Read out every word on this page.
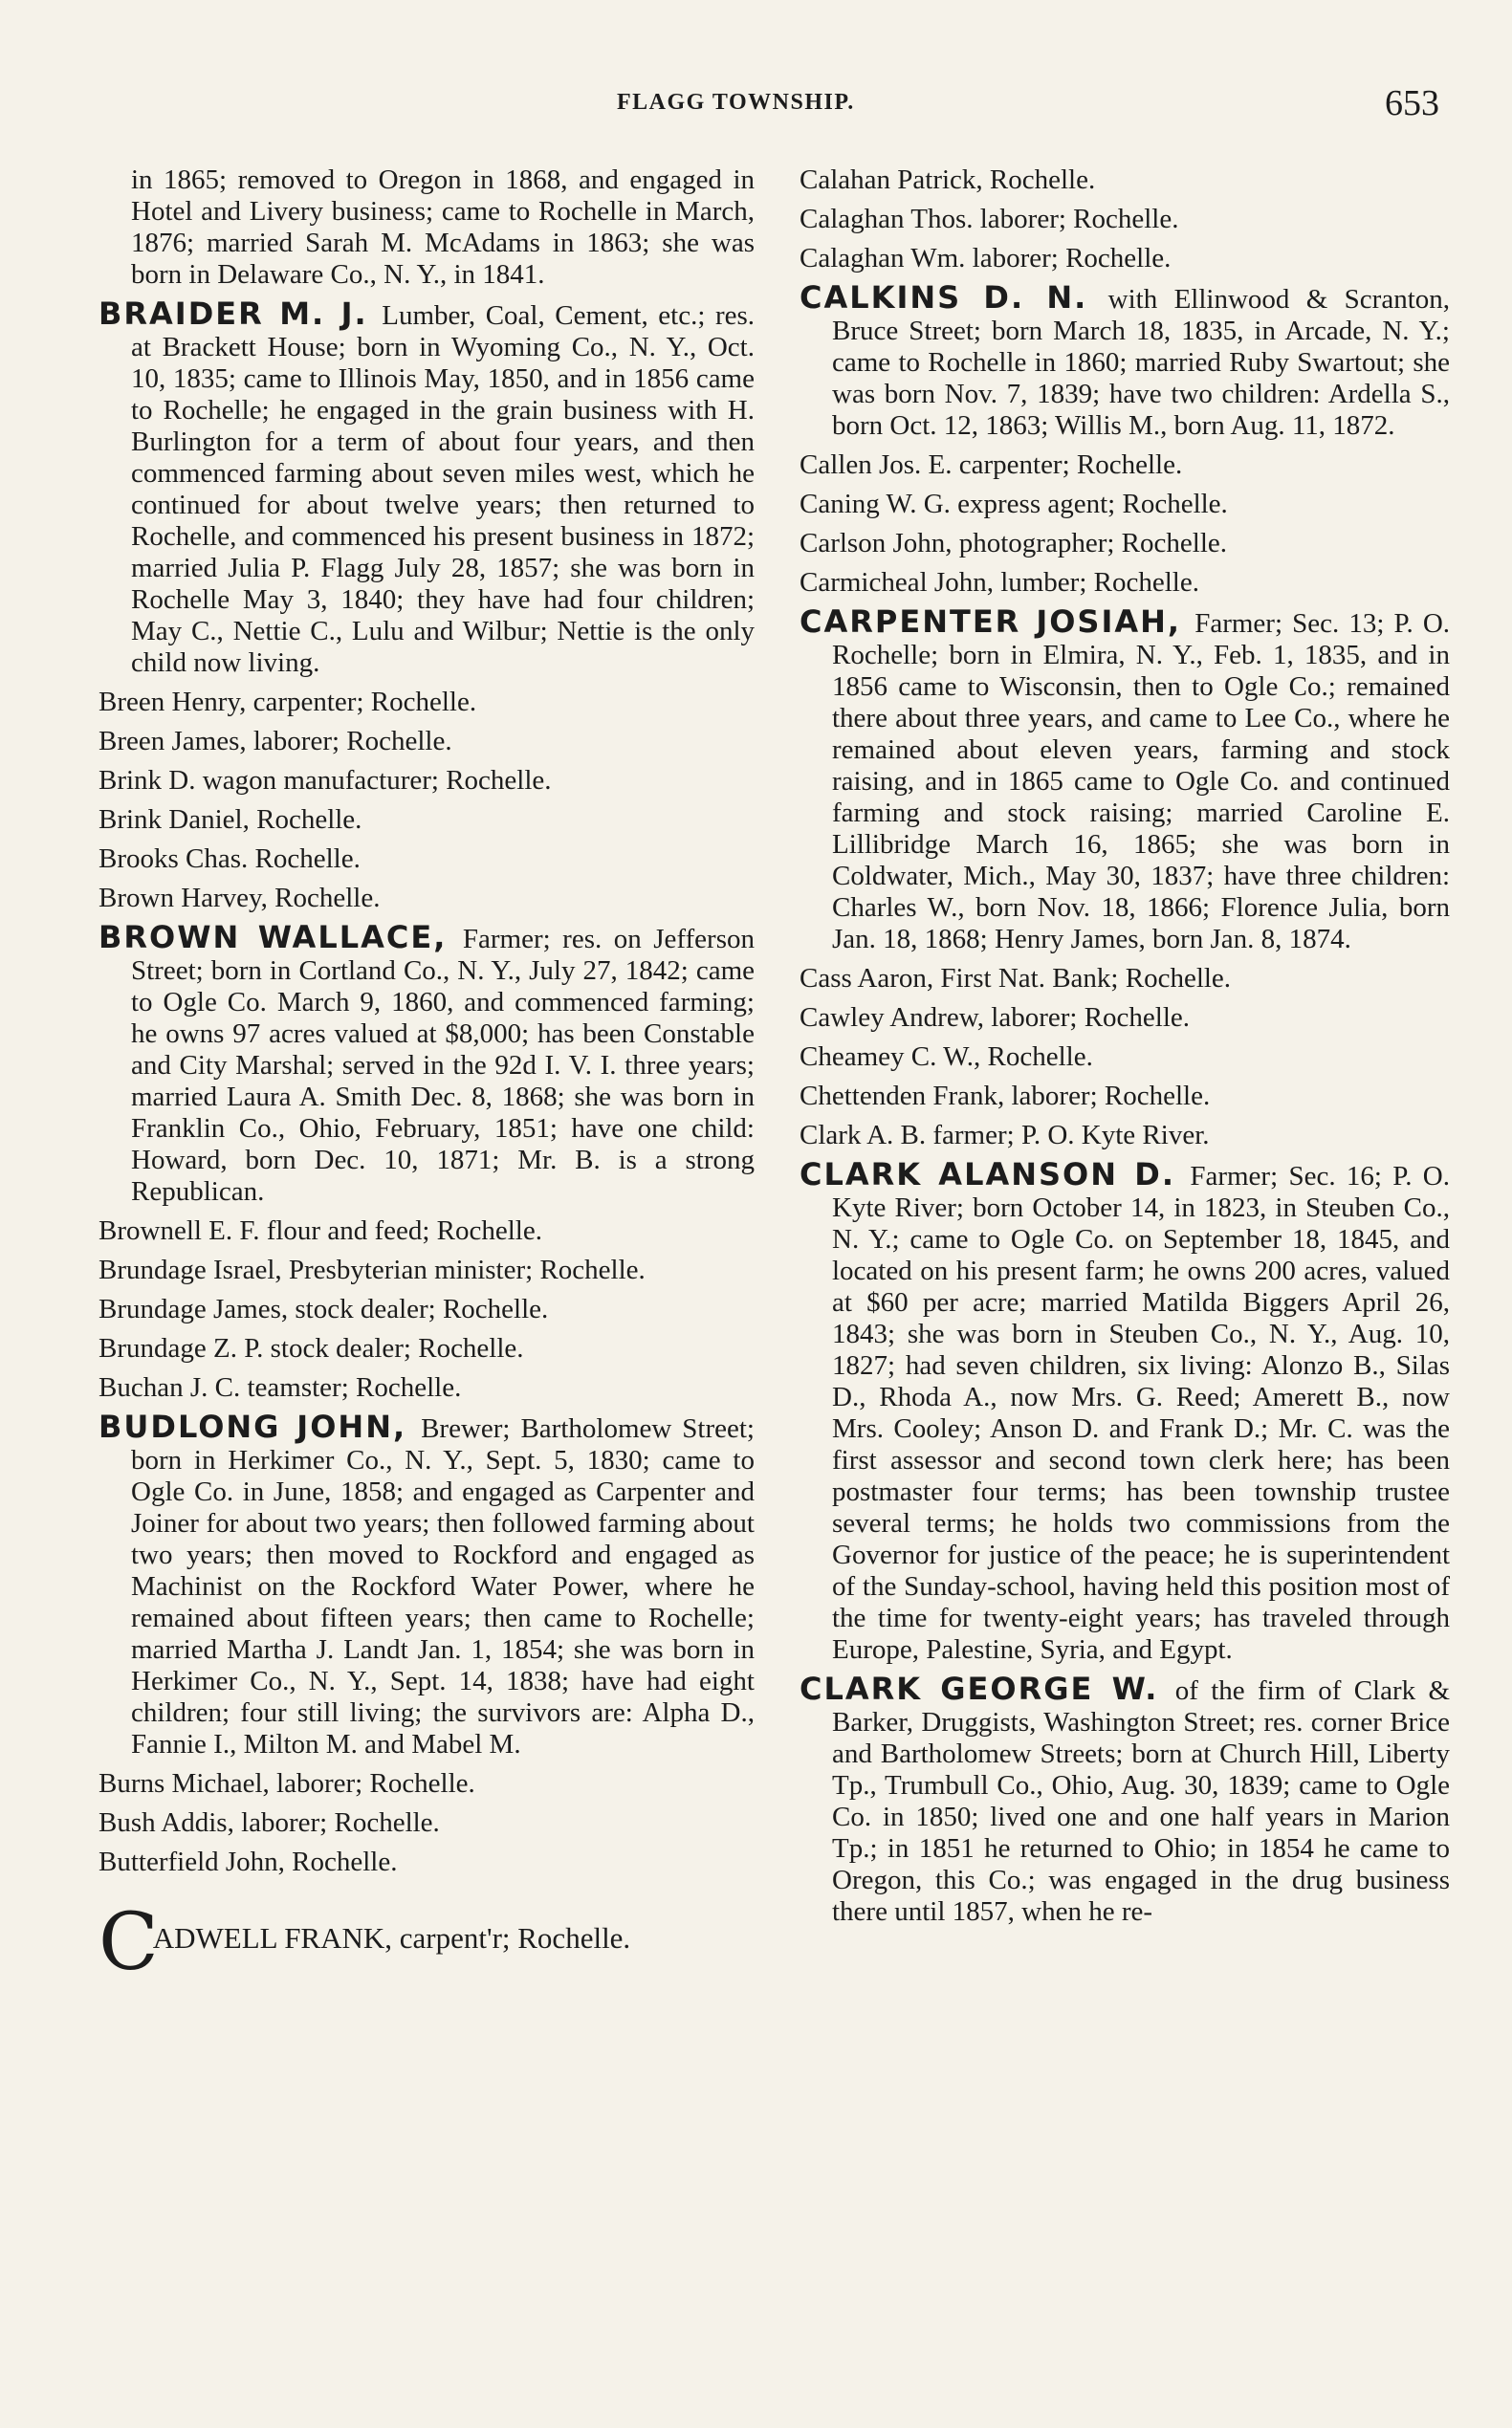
FLAGG TOWNSHIP.	653

in 1865; removed to Oregon in 1868, and engaged in Hotel and Livery business; came to Rochelle in March, 1876; married Sarah M. McAdams in 1863; she was born in Delaware Co., N. Y., in 1841.

BRAIDER M. J. Lumber, Coal, Cement, etc.; res. at Brackett House; born in Wyoming Co., N. Y., Oct. 10, 1835; came to Illinois May, 1850, and in 1856 came to Rochelle; he engaged in the grain business with H. Burlington for a term of about four years, and then commenced farming about seven miles west, which he continued for about twelve years; then returned to Rochelle, and commenced his present business in 1872; married Julia P. Flagg July 28, 1857; she was born in Rochelle May 3, 1840; they have had four children; May C., Nettie C., Lulu and Wilbur; Nettie is the only child now living.

Breen Henry, carpenter; Rochelle.
Breen James, laborer; Rochelle.
Brink D. wagon manufacturer; Rochelle.
Brink Daniel, Rochelle.
Brooks Chas. Rochelle.
Brown Harvey, Rochelle.

BROWN WALLACE, Farmer; res. on Jefferson Street; born in Cortland Co., N. Y., July 27, 1842; came to Ogle Co. March 9, 1860, and commenced farming; he owns 97 acres valued at $8,000; has been Constable and City Marshal; served in the 92d I. V. I. three years; married Laura A. Smith Dec. 8, 1868; she was born in Franklin Co., Ohio, February, 1851; have one child: Howard, born Dec. 10, 1871; Mr. B. is a strong Republican.

Brownell E. F. flour and feed; Rochelle.
Brundage Israel, Presbyterian minister; Rochelle.
Brundage James, stock dealer; Rochelle.
Brundage Z. P. stock dealer; Rochelle.
Buchan J. C. teamster; Rochelle.

BUDLONG JOHN, Brewer; Bartholomew Street; born in Herkimer Co., N. Y., Sept. 5, 1830; came to Ogle Co. in June, 1858; and engaged as Carpenter and Joiner for about two years; then followed farming about two years; then moved to Rockford and engaged as Machinist on the Rockford Water Power, where he remained about fifteen years; then came to Rochelle; married Martha J. Landt Jan. 1, 1854; she was born in Herkimer Co., N. Y., Sept. 14, 1838; have had eight children; four still living; the survivors are: Alpha D., Fannie I., Milton M. and Mabel M.

Burns Michael, laborer; Rochelle.
Bush Addis, laborer; Rochelle.
Butterfield John, Rochelle.
CADWELL FRANK, carpent'r; Rochelle.
Calahan Patrick, Rochelle.
Calaghan Thos. laborer; Rochelle.
Calaghan Wm. laborer; Rochelle.

CALKINS D. N. with Ellinwood & Scranton, Bruce Street; born March 18, 1835, in Arcade, N. Y.; came to Rochelle in 1860; married Ruby Swartout; she was born Nov. 7, 1839; have two children: Ardella S., born Oct. 12, 1863; Willis M., born Aug. 11, 1872.

Callen Jos. E. carpenter; Rochelle.
Caning W. G. express agent; Rochelle.
Carlson John, photographer; Rochelle.
Carmicheal John, lumber; Rochelle.

CARPENTER JOSIAH, Farmer; Sec. 13; P. O. Rochelle; born in Elmira, N. Y., Feb. 1, 1835, and in 1856 came to Wisconsin, then to Ogle Co.; remained there about three years, and came to Lee Co., where he remained about eleven years, farming and stock raising, and in 1865 came to Ogle Co. and continued farming and stock raising; married Caroline E. Lillibridge March 16, 1865; she was born in Coldwater, Mich., May 30, 1837; have three children: Charles W., born Nov. 18, 1866; Florence Julia, born Jan. 18, 1868; Henry James, born Jan. 8, 1874.

Cass Aaron, First Nat. Bank; Rochelle.
Cawley Andrew, laborer; Rochelle.
Cheamey C. W., Rochelle.
Chettenden Frank, laborer; Rochelle.
Clark A. B. farmer; P. O. Kyte River.

CLARK ALANSON D. Farmer; Sec. 16; P. O. Kyte River; born October 14, in 1823, in Steuben Co., N. Y.; came to Ogle Co. on September 18, 1845, and located on his present farm; he owns 200 acres, valued at $60 per acre; married Matilda Biggers April 26, 1843; she was born in Steuben Co., N. Y., Aug. 10, 1827; had seven children, six living: Alonzo B., Silas D., Rhoda A., now Mrs. G. Reed; Amerett B., now Mrs. Cooley; Anson D. and Frank D.; Mr. C. was the first assessor and second town clerk here; has been postmaster four terms; has been township trustee several terms; he holds two commissions from the Governor for justice of the peace; he is superintendent of the Sunday-school, having held this position most of the time for twenty-eight years; has traveled through Europe, Palestine, Syria, and Egypt.

CLARK GEORGE W. of the firm of Clark & Barker, Druggists, Washington Street; res. corner Brice and Bartholomew Streets; born at Church Hill, Liberty Tp., Trumbull Co., Ohio, Aug. 30, 1839; came to Ogle Co. in 1850; lived one and one half years in Marion Tp.; in 1851 he returned to Ohio; in 1854 he came to Oregon, this Co.; was engaged in the drug business there until 1857, when he re-
